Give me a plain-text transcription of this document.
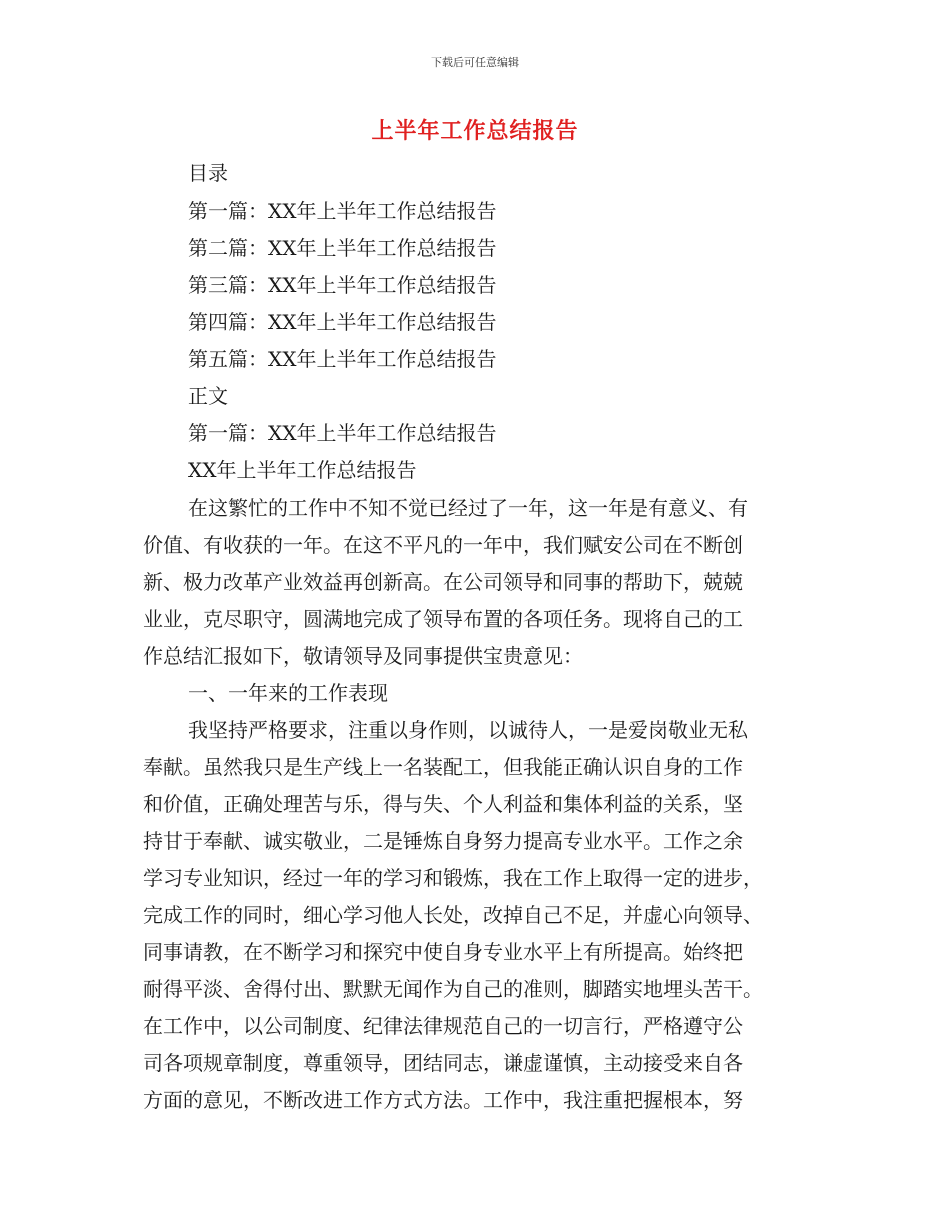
下载后可任意编辑
上半年工作总结报告
目录
第一篇：XX年上半年工作总结报告
第二篇：XX年上半年工作总结报告
第三篇：XX年上半年工作总结报告
第四篇：XX年上半年工作总结报告
第五篇：XX年上半年工作总结报告
正文
第一篇：XX年上半年工作总结报告
XX年上半年工作总结报告
在这繁忙的工作中不知不觉已经过了一年，这一年是有意义、有
价值、有收获的一年。在这不平凡的一年中，我们赋安公司在不断创
新、极力改革产业效益再创新高。在公司领导和同事的帮助下，兢兢
业业，克尽职守，圆满地完成了领导布置的各项任务。现将自己的工
作总结汇报如下，敬请领导及同事提供宝贵意见：
一、一年来的工作表现
我坚持严格要求，注重以身作则，以诚待人，一是爱岗敬业无私
奉献。虽然我只是生产线上一名装配工，但我能正确认识自身的工作
和价值，正确处理苦与乐，得与失、个人利益和集体利益的关系，坚
持甘于奉献、诚实敬业，二是锤炼自身努力提高专业水平。工作之余
学习专业知识，经过一年的学习和锻炼，我在工作上取得一定的进步，
完成工作的同时，细心学习他人长处，改掉自己不足，并虚心向领导、
同事请教，在不断学习和探究中使自身专业水平上有所提高。始终把
耐得平淡、舍得付出、默默无闻作为自己的准则，脚踏实地埋头苦干。
在工作中，以公司制度、纪律法律规范自己的一切言行，严格遵守公
司各项规章制度，尊重领导，团结同志，谦虚谨慎，主动接受来自各
方面的意见，不断改进工作方式方法。工作中，我注重把握根本，努
